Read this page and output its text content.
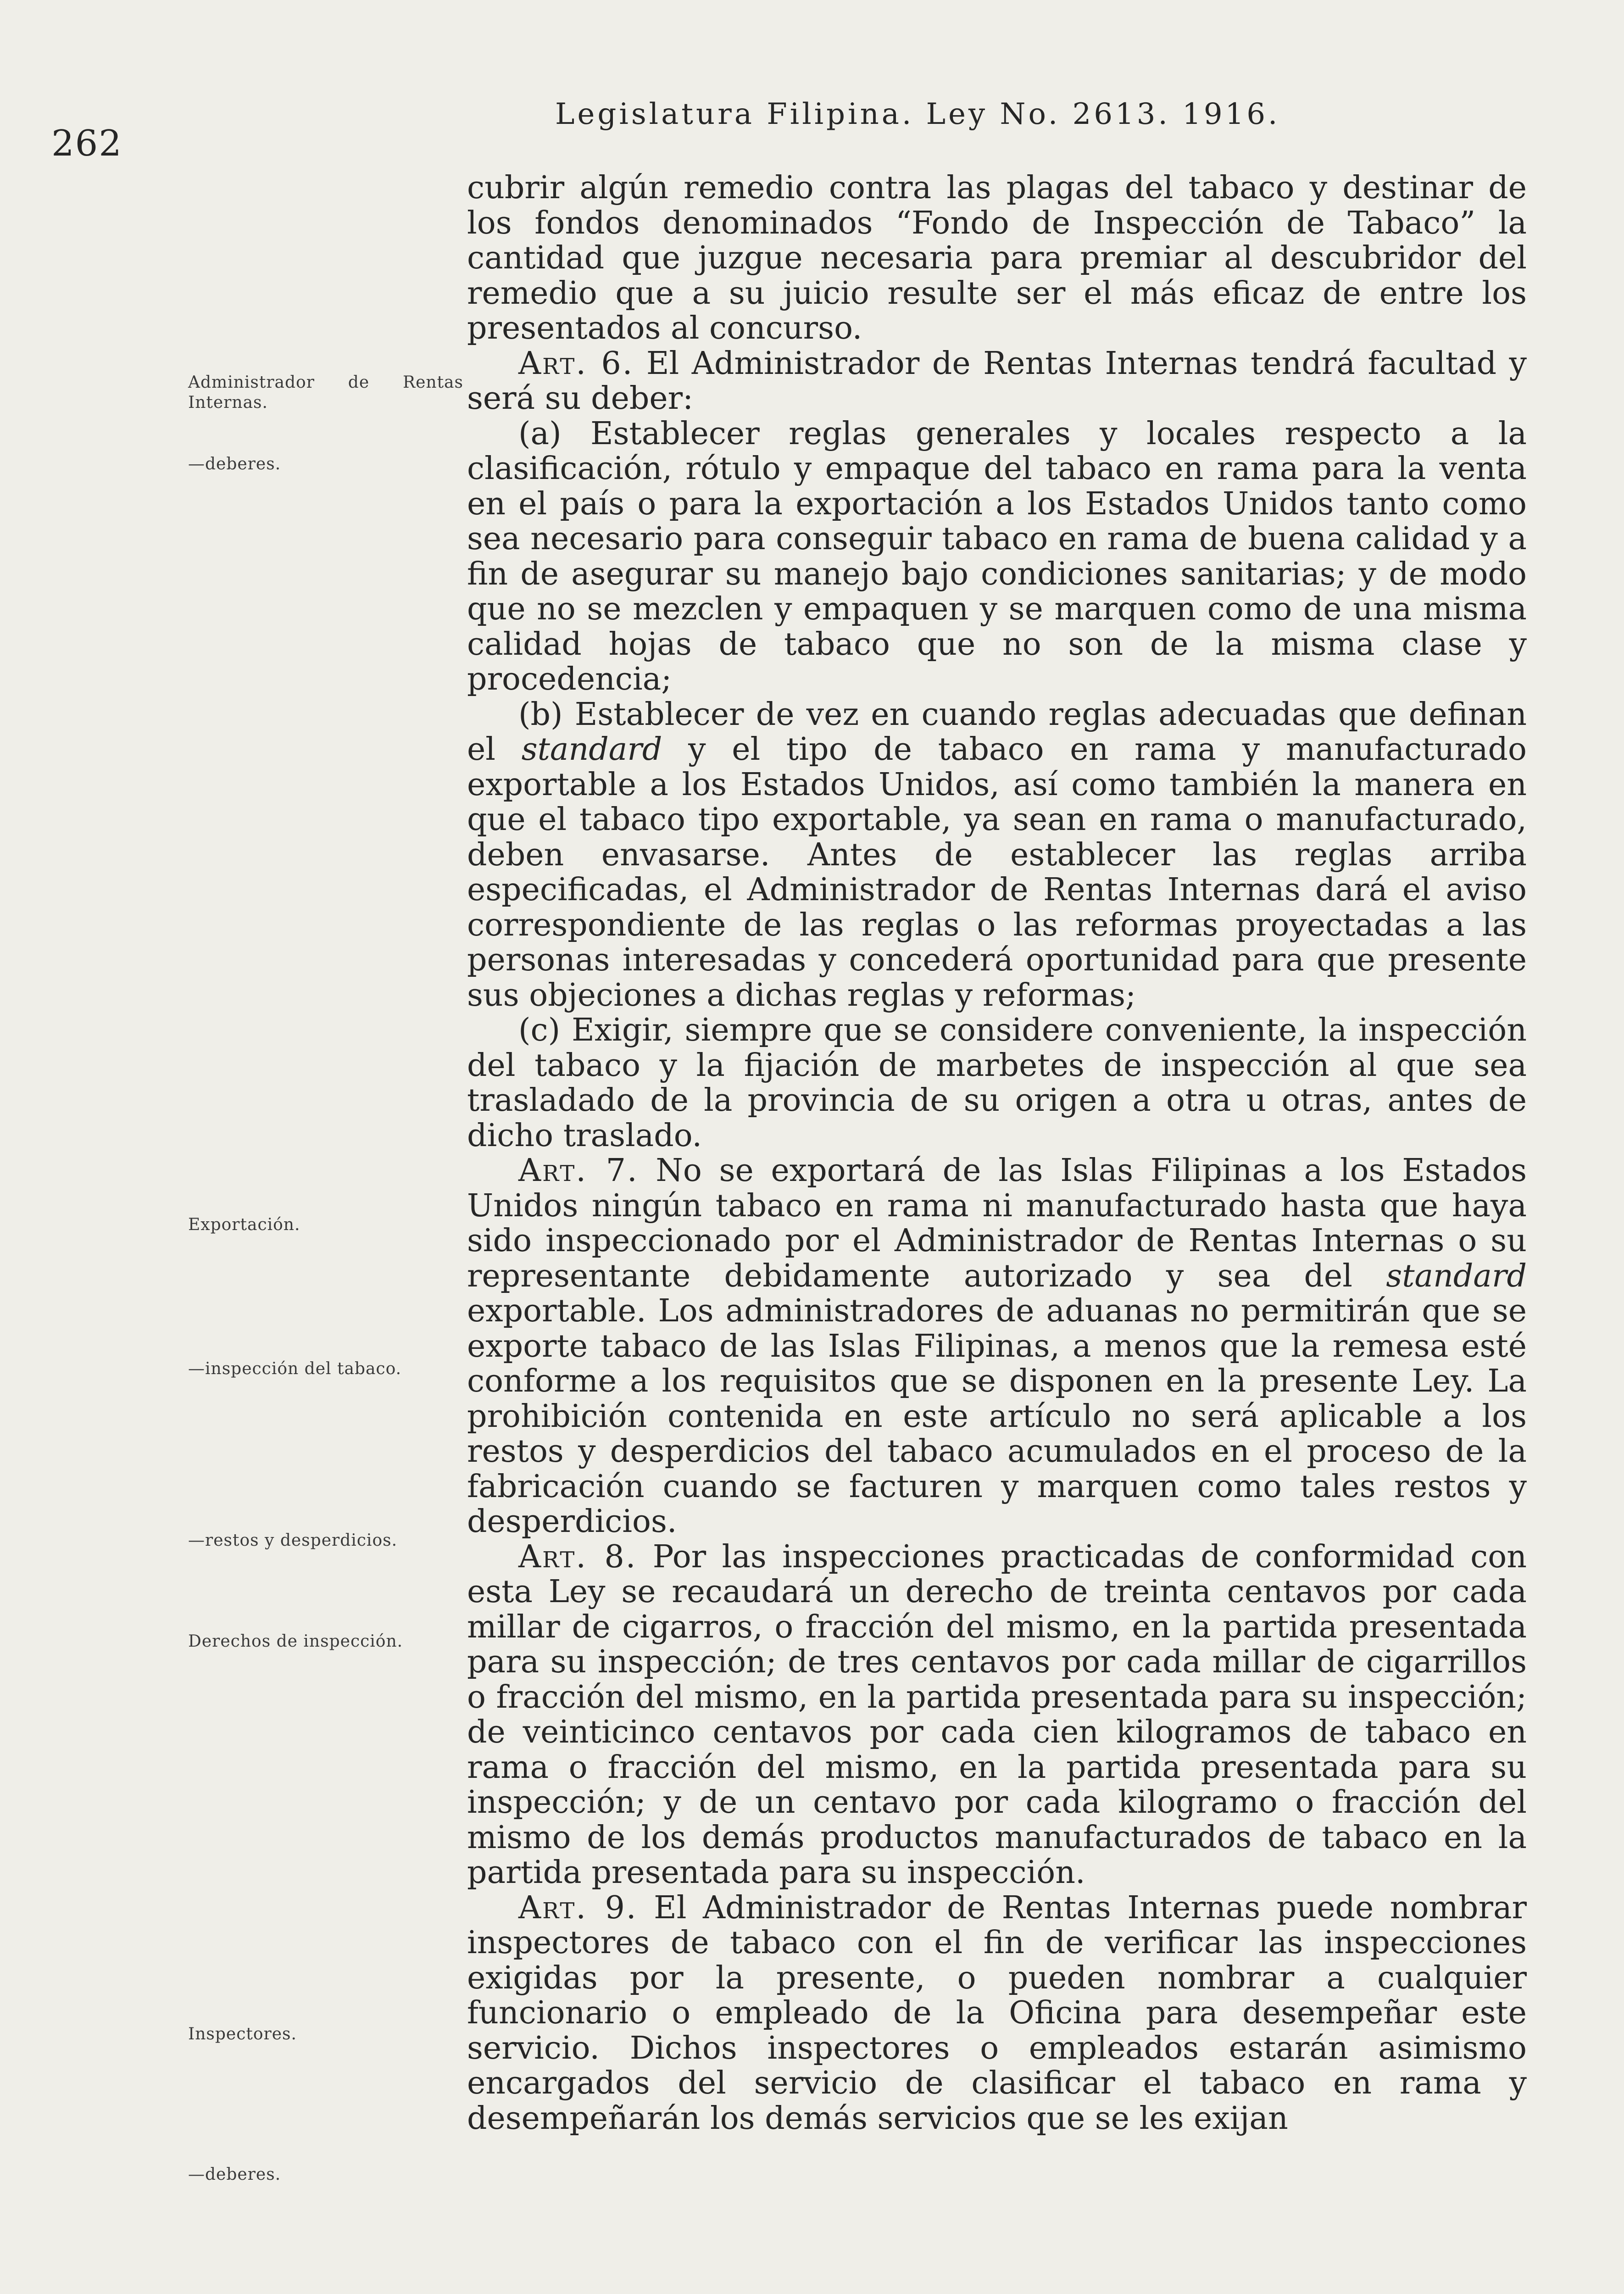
262
Legislatura Filipina. Ley No. 2613. 1916.
Administrador de Rentas Internas.
—deberes.
Exportación.
—inspección del tabaco.
—restos y desperdicios.
Derechos de inspección.
Inspectores.
—deberes.

cubrir algún remedio contra las plagas del tabaco y destinar de los fondos denominados “Fondo de Inspección de Tabaco” la cantidad que juzgue necesaria para premiar al descubridor del remedio que a su juicio resulte ser el más eficaz de entre los presentados al concurso.

Art. 6. El Administrador de Rentas Internas tendrá facultad y será su deber:

(a) Establecer reglas generales y locales respecto a la clasificación, rótulo y empaque del tabaco en rama para la venta en el país o para la exportación a los Estados Unidos tanto como sea necesario para conseguir tabaco en rama de buena calidad y a fin de asegurar su manejo bajo condiciones sanitarias; y de modo que no se mezclen y empaquen y se marquen como de una misma calidad hojas de tabaco que no son de la misma clase y procedencia;

(b) Establecer de vez en cuando reglas adecuadas que definan el standard y el tipo de tabaco en rama y manufacturado exportable a los Estados Unidos, así como también la manera en que el tabaco tipo exportable, ya sean en rama o manufacturado, deben envasarse. Antes de establecer las reglas arriba especificadas, el Administrador de Rentas Internas dará el aviso correspondiente de las reglas o las reformas proyectadas a las personas interesadas y concederá oportunidad para que presente sus objeciones a dichas reglas y reformas;

(c) Exigir, siempre que se considere conveniente, la inspección del tabaco y la fijación de marbetes de inspección al que sea trasladado de la provincia de su origen a otra u otras, antes de dicho traslado.

Art. 7. No se exportará de las Islas Filipinas a los Estados Unidos ningún tabaco en rama ni manufacturado hasta que haya sido inspeccionado por el Administrador de Rentas Internas o su representante debidamente autorizado y sea del standard exportable. Los administradores de aduanas no permitirán que se exporte tabaco de las Islas Filipinas, a menos que la remesa esté conforme a los requisitos que se disponen en la presente Ley. La prohibición contenida en este artículo no será aplicable a los restos y desperdicios del tabaco acumulados en el proceso de la fabricación cuando se facturen y marquen como tales restos y desperdicios.

Art. 8. Por las inspecciones practicadas de conformidad con esta Ley se recaudará un derecho de treinta centavos por cada millar de cigarros, o fracción del mismo, en la partida presentada para su inspección; de tres centavos por cada millar de cigarrillos o fracción del mismo, en la partida presentada para su inspección; de veinticinco centavos por cada cien kilogramos de tabaco en rama o fracción del mismo, en la partida presentada para su inspección; y de un centavo por cada kilogramo o fracción del mismo de los demás productos manufacturados de tabaco en la partida presentada para su inspección.

Art. 9. El Administrador de Rentas Internas puede nombrar inspectores de tabaco con el fin de verificar las inspecciones exigidas por la presente, o pueden nombrar a cualquier funcionario o empleado de la Oficina para desempeñar este servicio. Dichos inspectores o empleados estarán asimismo encargados del servicio de clasificar el tabaco en rama y desempeñarán los demás servicios que se les exijan
